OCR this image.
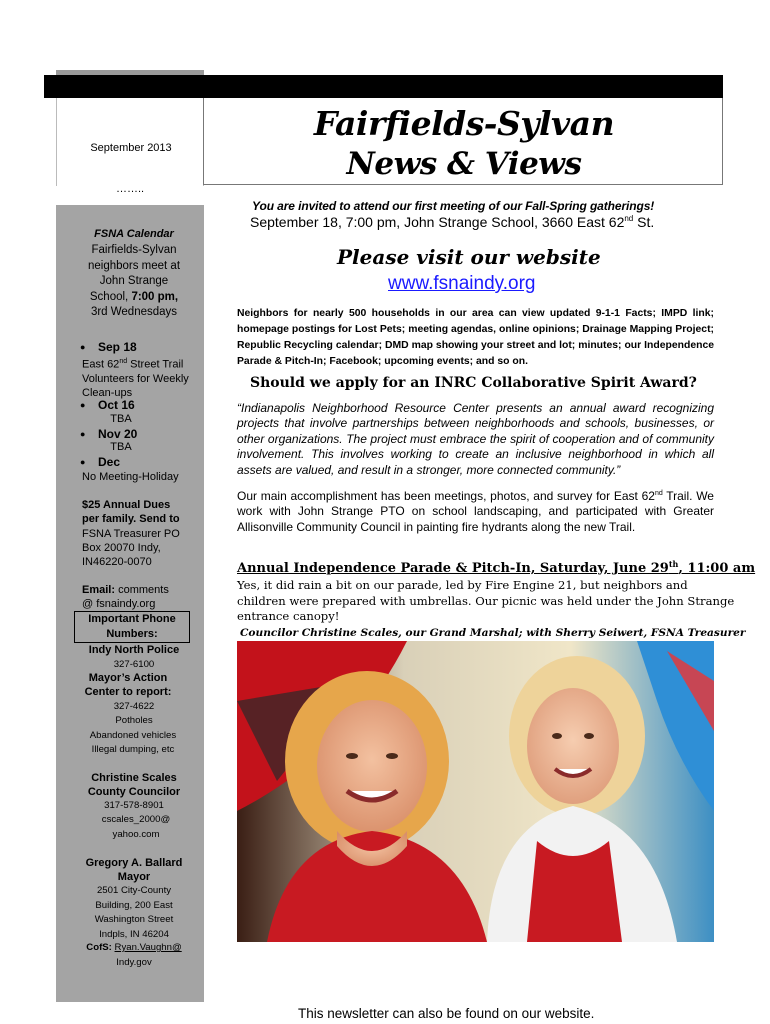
September 2013
……..
FSNA Calendar
Fairfields-Sylvan neighbors meet at John Strange School, 7:00 pm,
3rd Wednesdays
● Sep 18
East 62nd Street Trail Volunteers for Weekly Clean-ups
● Oct 16
TBA
● Nov 20
TBA
● Dec
No Meeting-Holiday
$25 Annual Dues per family. Send to
FSNA Treasurer PO Box 20070 Indy, IN46220-0070
Email: comments @ fsnaindy.org
Important Phone Numbers:
Indy North Police
327-6100
Mayor’s Action Center to report:
327-4622
Potholes
Abandoned vehicles
Illegal dumping, etc
Christine Scales County Councilor
317-578-8901
cscales_2000@ yahoo.com
Gregory A. Ballard Mayor
2501 City-County Building, 200 East Washington Street Indpls, IN 46204
CofS: Ryan.Vaughn@
Indy.gov
Fairfields-Sylvan
News & Views
You are invited to attend our first meeting of our Fall-Spring gatherings!
September 18, 7:00 pm, John Strange School, 3660 East 62nd St.
Please visit our website
www.fsnaindy.org
Neighbors for nearly 500 households in our area can view updated 9-1-1 Facts; IMPD link; homepage postings for Lost Pets; meeting agendas, online opinions; Drainage Mapping Project; Republic Recycling calendar; DMD map showing your street and lot; minutes; our Independence Parade & Pitch-In; Facebook; upcoming events; and so on.
Should we apply for an INRC Collaborative Spirit Award?
“Indianapolis Neighborhood Resource Center presents an annual award recognizing projects that involve partnerships between neighborhoods and schools, businesses, or other organizations. The project must embrace the spirit of cooperation and of community involvement. This involves working to create an inclusive neighborhood in which all assets are valued, and result in a stronger, more connected community.”
Our main accomplishment has been meetings, photos, and survey for East 62nd Trail. We work with John Strange PTO on school landscaping, and participated with Greater Allisonville Community Council in painting fire hydrants along the new Trail.
Annual Independence Parade & Pitch-In, Saturday, June 29th, 11:00 am
Yes, it did rain a bit on our parade, led by Fire Engine 21, but neighbors and children were prepared with umbrellas. Our picnic was held under the John Strange entrance canopy!
Councilor Christine Scales, our Grand Marshal; with Sherry Seiwert, FSNA Treasurer
This newsletter can also be found on our website.
